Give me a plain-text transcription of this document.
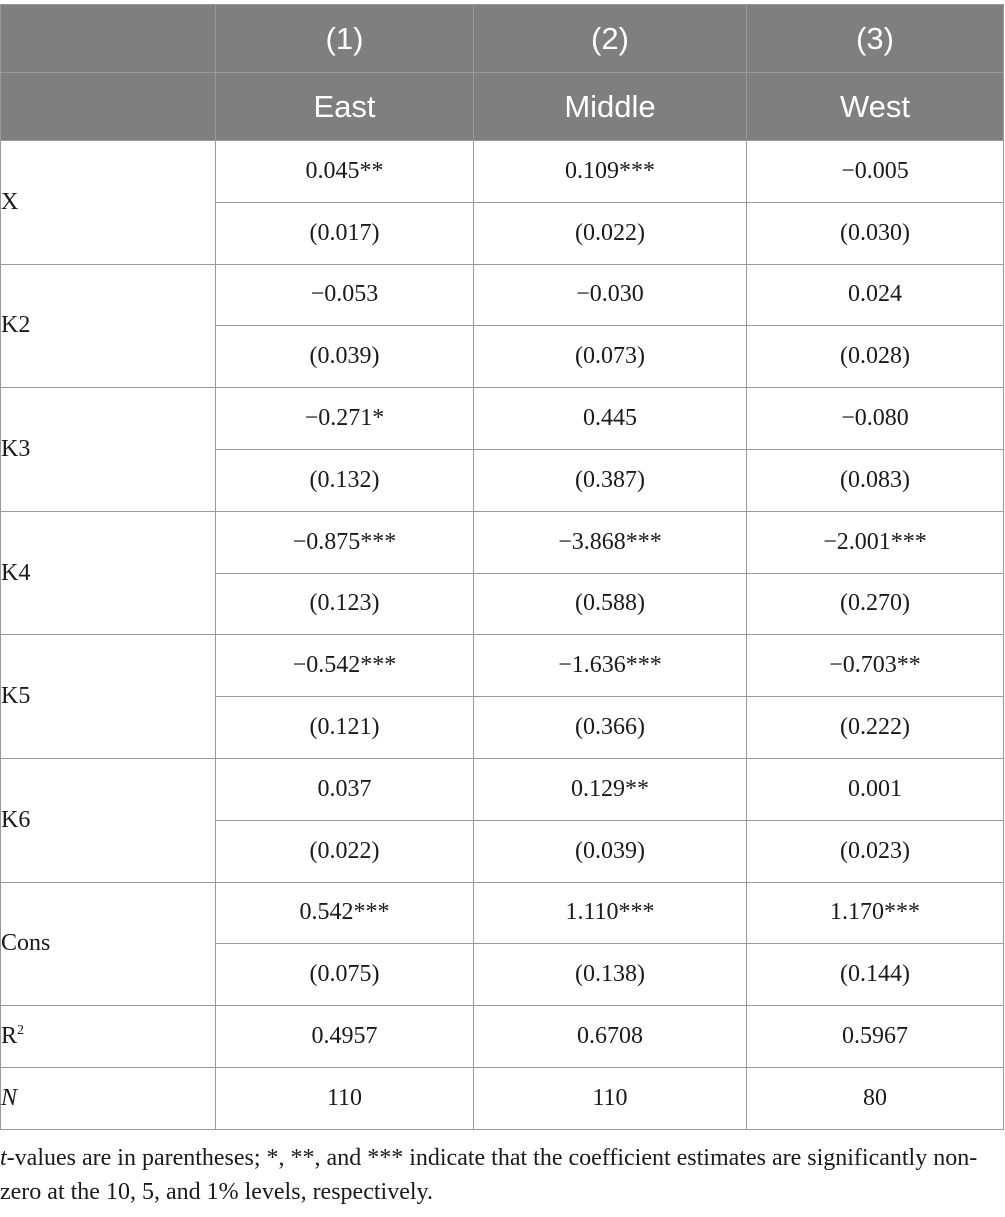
	(1)	(2)	(3)
	East	Middle	West
X	0.045**	0.109***	−0.005
	(0.017)	(0.022)	(0.030)
K2	−0.053	−0.030	0.024
	(0.039)	(0.073)	(0.028)
K3	−0.271*	0.445	−0.080
	(0.132)	(0.387)	(0.083)
K4	−0.875***	−3.868***	−2.001***
	(0.123)	(0.588)	(0.270)
K5	−0.542***	−1.636***	−0.703**
	(0.121)	(0.366)	(0.222)
K6	0.037	0.129**	0.001
	(0.022)	(0.039)	(0.023)
Cons	0.542***	1.110***	1.170***
	(0.075)	(0.138)	(0.144)
$R^2$	0.4957	0.6708	0.5967
N	110	110	80
t-values are in parentheses; *, **, and *** indicate that the coefficient estimates are significantly non-zero at the 10, 5, and 1% levels, respectively.
